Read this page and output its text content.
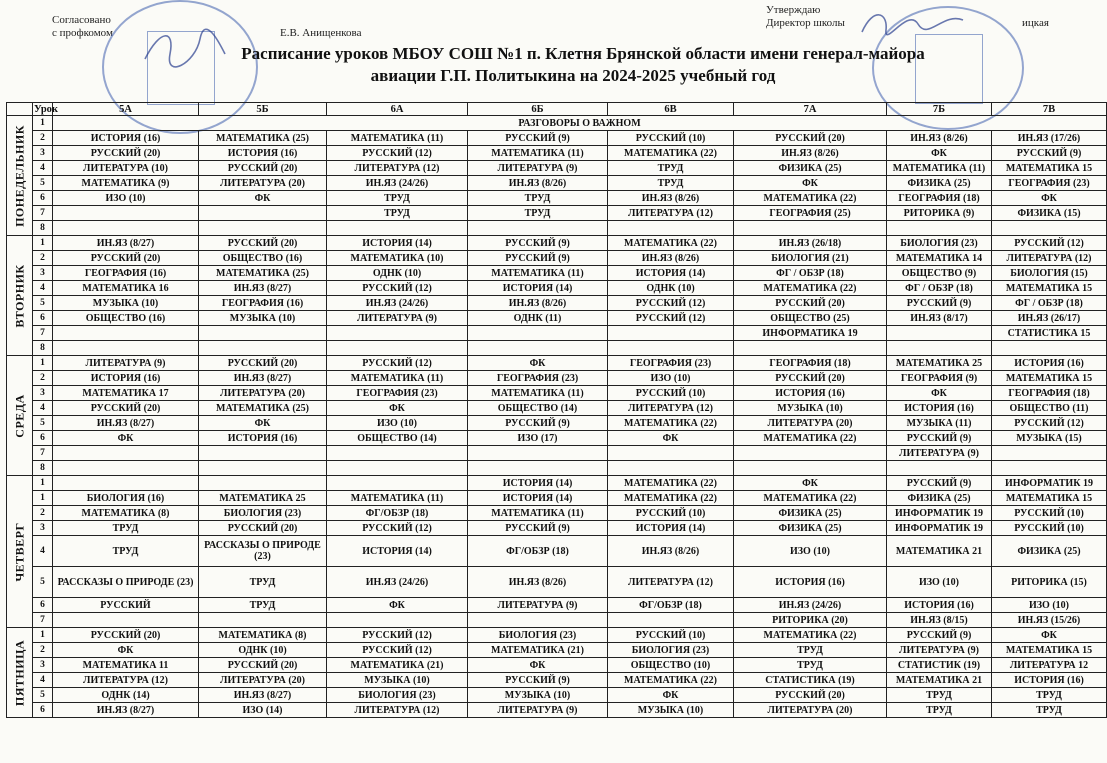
Согласовано
с профкомом	Е.В. Анищенкова
Утверждаю
Директор школы	ицкая
Расписание уроков МБОУ СОШ №1 п. Клетня Брянской области имени генерал-майора
авиации Г.П. Политыкина на 2024-2025 учебный год
	Урок	5А	5Б	6А	6Б	6В	7А	7Б	7В

ПОНЕДЕЛЬНИК	1	РАЗГОВОРЫ О ВАЖНОМ							
	2	ИСТОРИЯ (16)	МАТЕМАТИКА (25)	МАТЕМАТИКА (11)	РУССКИЙ (9)	РУССКИЙ (10)	РУССКИЙ (20)	ИН.ЯЗ (8/26)	ИН.ЯЗ (17/26)
	3	РУССКИЙ (20)	ИСТОРИЯ (16)	РУССКИЙ (12)	МАТЕМАТИКА (11)	МАТЕМАТИКА (22)	ИН.ЯЗ (8/26)	ФК	РУССКИЙ (9)
	4	ЛИТЕРАТУРА (10)	РУССКИЙ (20)	ЛИТЕРАТУРА (12)	ЛИТЕРАТУРА (9)	ТРУД	ФИЗИКА (25)	МАТЕМАТИКА (11)	МАТЕМАТИКА 15
	5	МАТЕМАТИКА (9)	ЛИТЕРАТУРА (20)	ИН.ЯЗ (24/26)	ИН.ЯЗ (8/26)	ТРУД	ФК	ФИЗИКА (25)	ГЕОГРАФИЯ (23)
	6	ИЗО (10)	ФК	ТРУД	ТРУД	ИН.ЯЗ (8/26)	МАТЕМАТИКА (22)	ГЕОГРАФИЯ (18)	ФК
	7			ТРУД	ТРУД	ЛИТЕРАТУРА (12)	ГЕОГРАФИЯ (25)	РИТОРИКА (9)	ФИЗИКА (15)
	8								

ВТОРНИК	1	ИН.ЯЗ (8/27)	РУССКИЙ (20)	ИСТОРИЯ (14)	РУССКИЙ (9)	МАТЕМАТИКА (22)	ИН.ЯЗ (26/18)	БИОЛОГИЯ (23)	РУССКИЙ (12)
	2	РУССКИЙ (20)	ОБЩЕСТВО (16)	МАТЕМАТИКА (10)	РУССКИЙ (9)	ИН.ЯЗ (8/26)	БИОЛОГИЯ (21)	МАТЕМАТИКА 14	ЛИТЕРАТУРА (12)
	3	ГЕОГРАФИЯ (16)	МАТЕМАТИКА (25)	ОДНК (10)	МАТЕМАТИКА (11)	ИСТОРИЯ (14)	ФГ / ОБЗР (18)	ОБЩЕСТВО (9)	БИОЛОГИЯ (15)
	4	МАТЕМАТИКА 16	ИН.ЯЗ (8/27)	РУССКИЙ (12)	ИСТОРИЯ (14)	ОДНК (10)	МАТЕМАТИКА (22)	ФГ / ОБЗР (18)	МАТЕМАТИКА 15
	5	МУЗЫКА (10)	ГЕОГРАФИЯ (16)	ИН.ЯЗ (24/26)	ИН.ЯЗ (8/26)	РУССКИЙ (12)	РУССКИЙ (20)	РУССКИЙ (9)	ФГ / ОБЗР (18)
	6	ОБЩЕСТВО (16)	МУЗЫКА (10)	ЛИТЕРАТУРА (9)	ОДНК (11)	РУССКИЙ (12)	ОБЩЕСТВО (25)	ИН.ЯЗ (8/17)	ИН.ЯЗ (26/17)
	7						ИНФОРМАТИКА 19		СТАТИСТИКА 15
	8								

СРЕДА	1	ЛИТЕРАТУРА (9)	РУССКИЙ (20)	РУССКИЙ (12)	ФК	ГЕОГРАФИЯ (23)	ГЕОГРАФИЯ (18)	МАТЕМАТИКА 25	ИСТОРИЯ (16)
	2	ИСТОРИЯ (16)	ИН.ЯЗ (8/27)	МАТЕМАТИКА (11)	ГЕОГРАФИЯ (23)	ИЗО (10)	РУССКИЙ (20)	ГЕОГРАФИЯ (9)	МАТЕМАТИКА 15
	3	МАТЕМАТИКА 17	ЛИТЕРАТУРА (20)	ГЕОГРАФИЯ (23)	МАТЕМАТИКА (11)	РУССКИЙ (10)	ИСТОРИЯ (16)	ФК	ГЕОГРАФИЯ (18)
	4	РУССКИЙ (20)	МАТЕМАТИКА (25)	ФК	ОБЩЕСТВО (14)	ЛИТЕРАТУРА (12)	МУЗЫКА (10)	ИСТОРИЯ (16)	ОБЩЕСТВО (11)
	5	ИН.ЯЗ (8/27)	ФК	ИЗО (10)	РУССКИЙ (9)	МАТЕМАТИКА (22)	ЛИТЕРАТУРА (20)	МУЗЫКА (11)	РУССКИЙ (12)
	6	ФК	ИСТОРИЯ (16)	ОБЩЕСТВО (14)	ИЗО (17)	ФК	МАТЕМАТИКА (22)	РУССКИЙ (9)	МУЗЫКА (15)
	7							ЛИТЕРАТУРА (9)	
	8								

ЧЕТВЕРГ	1				ИСТОРИЯ (14)	МАТЕМАТИКА (22)	ФК	РУССКИЙ (9)	ИНФОРМАТИК 19
	1	БИОЛОГИЯ (16)	МАТЕМАТИКА 25	МАТЕМАТИКА (11)	ИСТОРИЯ (14)	МАТЕМАТИКА (22)	МАТЕМАТИКА (22)	ФИЗИКА (25)	МАТЕМАТИКА 15
	2	МАТЕМАТИКА (8)	БИОЛОГИЯ (23)	ФГ/ОБЗР (18)	МАТЕМАТИКА (11)	РУССКИЙ (10)	ФИЗИКА (25)	ИНФОРМАТИК 19	РУССКИЙ (10)
	3	ТРУД	РУССКИЙ (20)	РУССКИЙ (12)	РУССКИЙ (9)	ИСТОРИЯ (14)	ФИЗИКА (25)	ИНФОРМАТИК 19	РУССКИЙ (10)
	4	ТРУД	РАССКАЗЫ О ПРИРОДЕ (23)	ИСТОРИЯ (14)	ФГ/ОБЗР (18)	ИН.ЯЗ (8/26)	ИЗО (10)	МАТЕМАТИКА 21	ФИЗИКА (25)
	5	РАССКАЗЫ О ПРИРОДЕ (23)	ТРУД	ИН.ЯЗ (24/26)	ИН.ЯЗ (8/26)	ЛИТЕРАТУРА (12)	ИСТОРИЯ (16)	ИЗО (10)	РИТОРИКА (15)
	6	РУССКИЙ	ТРУД	ФК	ЛИТЕРАТУРА (9)	ФГ/ОБЗР (18)	ИН.ЯЗ (24/26)	ИСТОРИЯ (16)	ИЗО (10)
	7						РИТОРИКА (20)	ИН.ЯЗ (8/15)	ИН.ЯЗ (15/26)

ПЯТНИЦА	1	РУССКИЙ (20)	МАТЕМАТИКА (8)	РУССКИЙ (12)	БИОЛОГИЯ (23)	РУССКИЙ (10)	МАТЕМАТИКА (22)	РУССКИЙ (9)	ФК
	2	ФК	ОДНК (10)	РУССКИЙ (12)	МАТЕМАТИКА (21)	БИОЛОГИЯ (23)	ТРУД	ЛИТЕРАТУРА (9)	МАТЕМАТИКА 15
	3	МАТЕМАТИКА 11	РУССКИЙ (20)	МАТЕМАТИКА (21)	ФК	ОБЩЕСТВО (10)	ТРУД	СТАТИСТИК (19)	ЛИТЕРАТУРА 12
	4	ЛИТЕРАТУРА (12)	ЛИТЕРАТУРА (20)	МУЗЫКА (10)	РУССКИЙ (9)	МАТЕМАТИКА (22)	СТАТИСТИКА (19)	МАТЕМАТИКА 21	ИСТОРИЯ (16)
	5	ОДНК (14)	ИН.ЯЗ (8/27)	БИОЛОГИЯ (23)	МУЗЫКА (10)	ФК	РУССКИЙ (20)	ТРУД	ТРУД
	6	ИН.ЯЗ (8/27)	ИЗО (14)	ЛИТЕРАТУРА (12)	ЛИТЕРАТУРА (9)	МУЗЫКА (10)	ЛИТЕРАТУРА (20)	ТРУД	ТРУД
